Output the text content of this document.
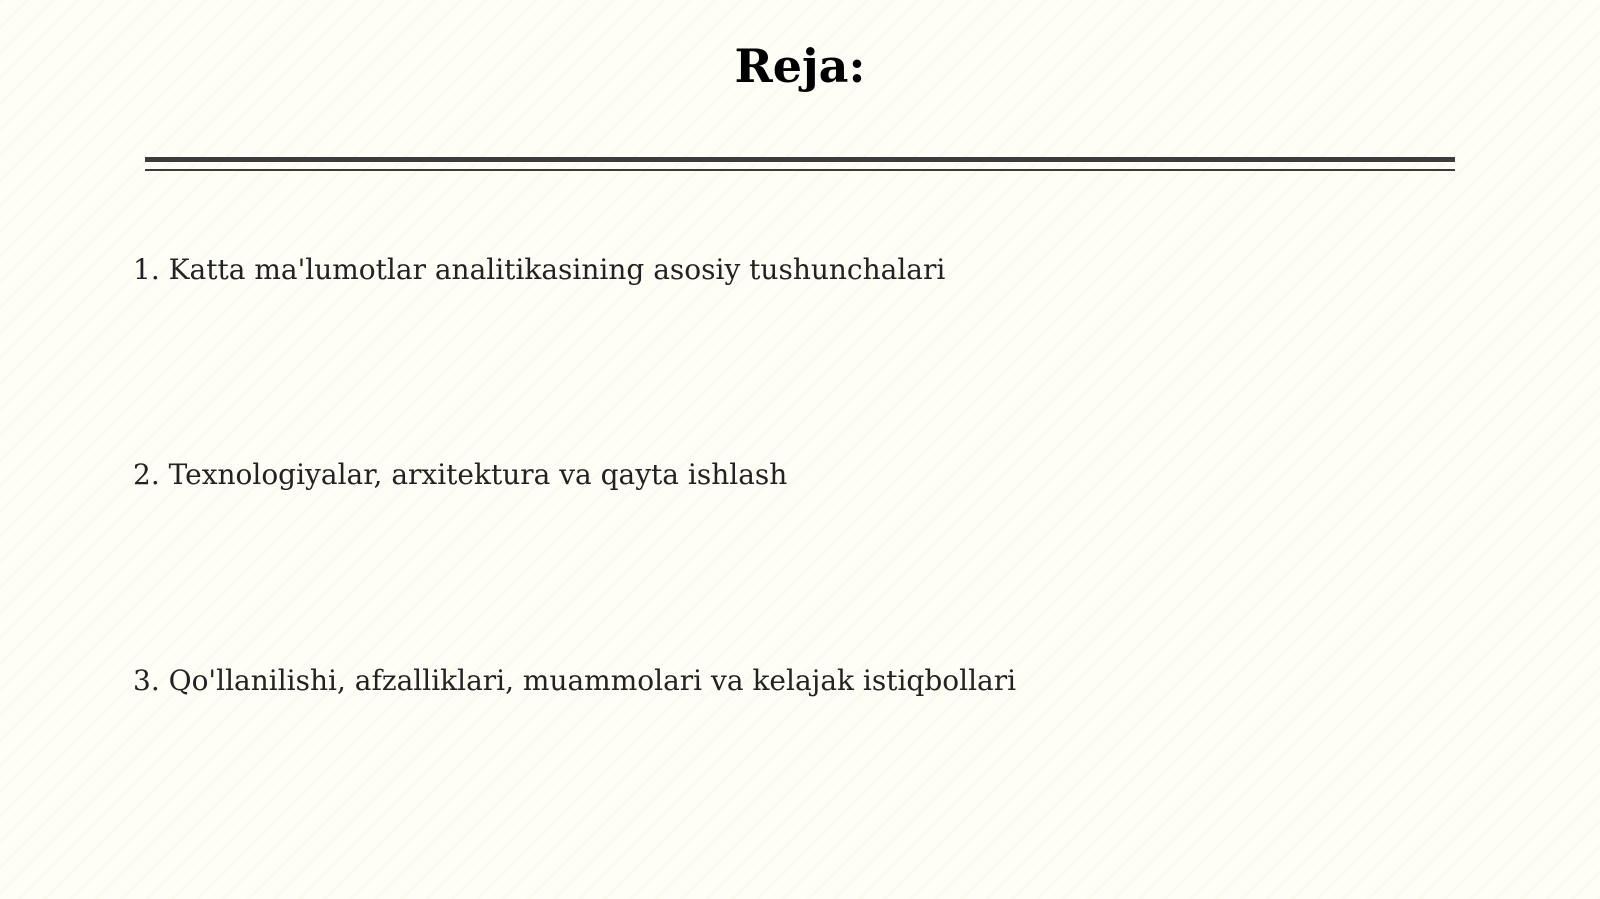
Reja:

1. Katta ma'lumotlar analitikasining asosiy tushunchalari

2. Texnologiyalar, arxitektura va qayta ishlash

3. Qo'llanilishi, afzalliklari, muammolari va kelajak istiqbollari
